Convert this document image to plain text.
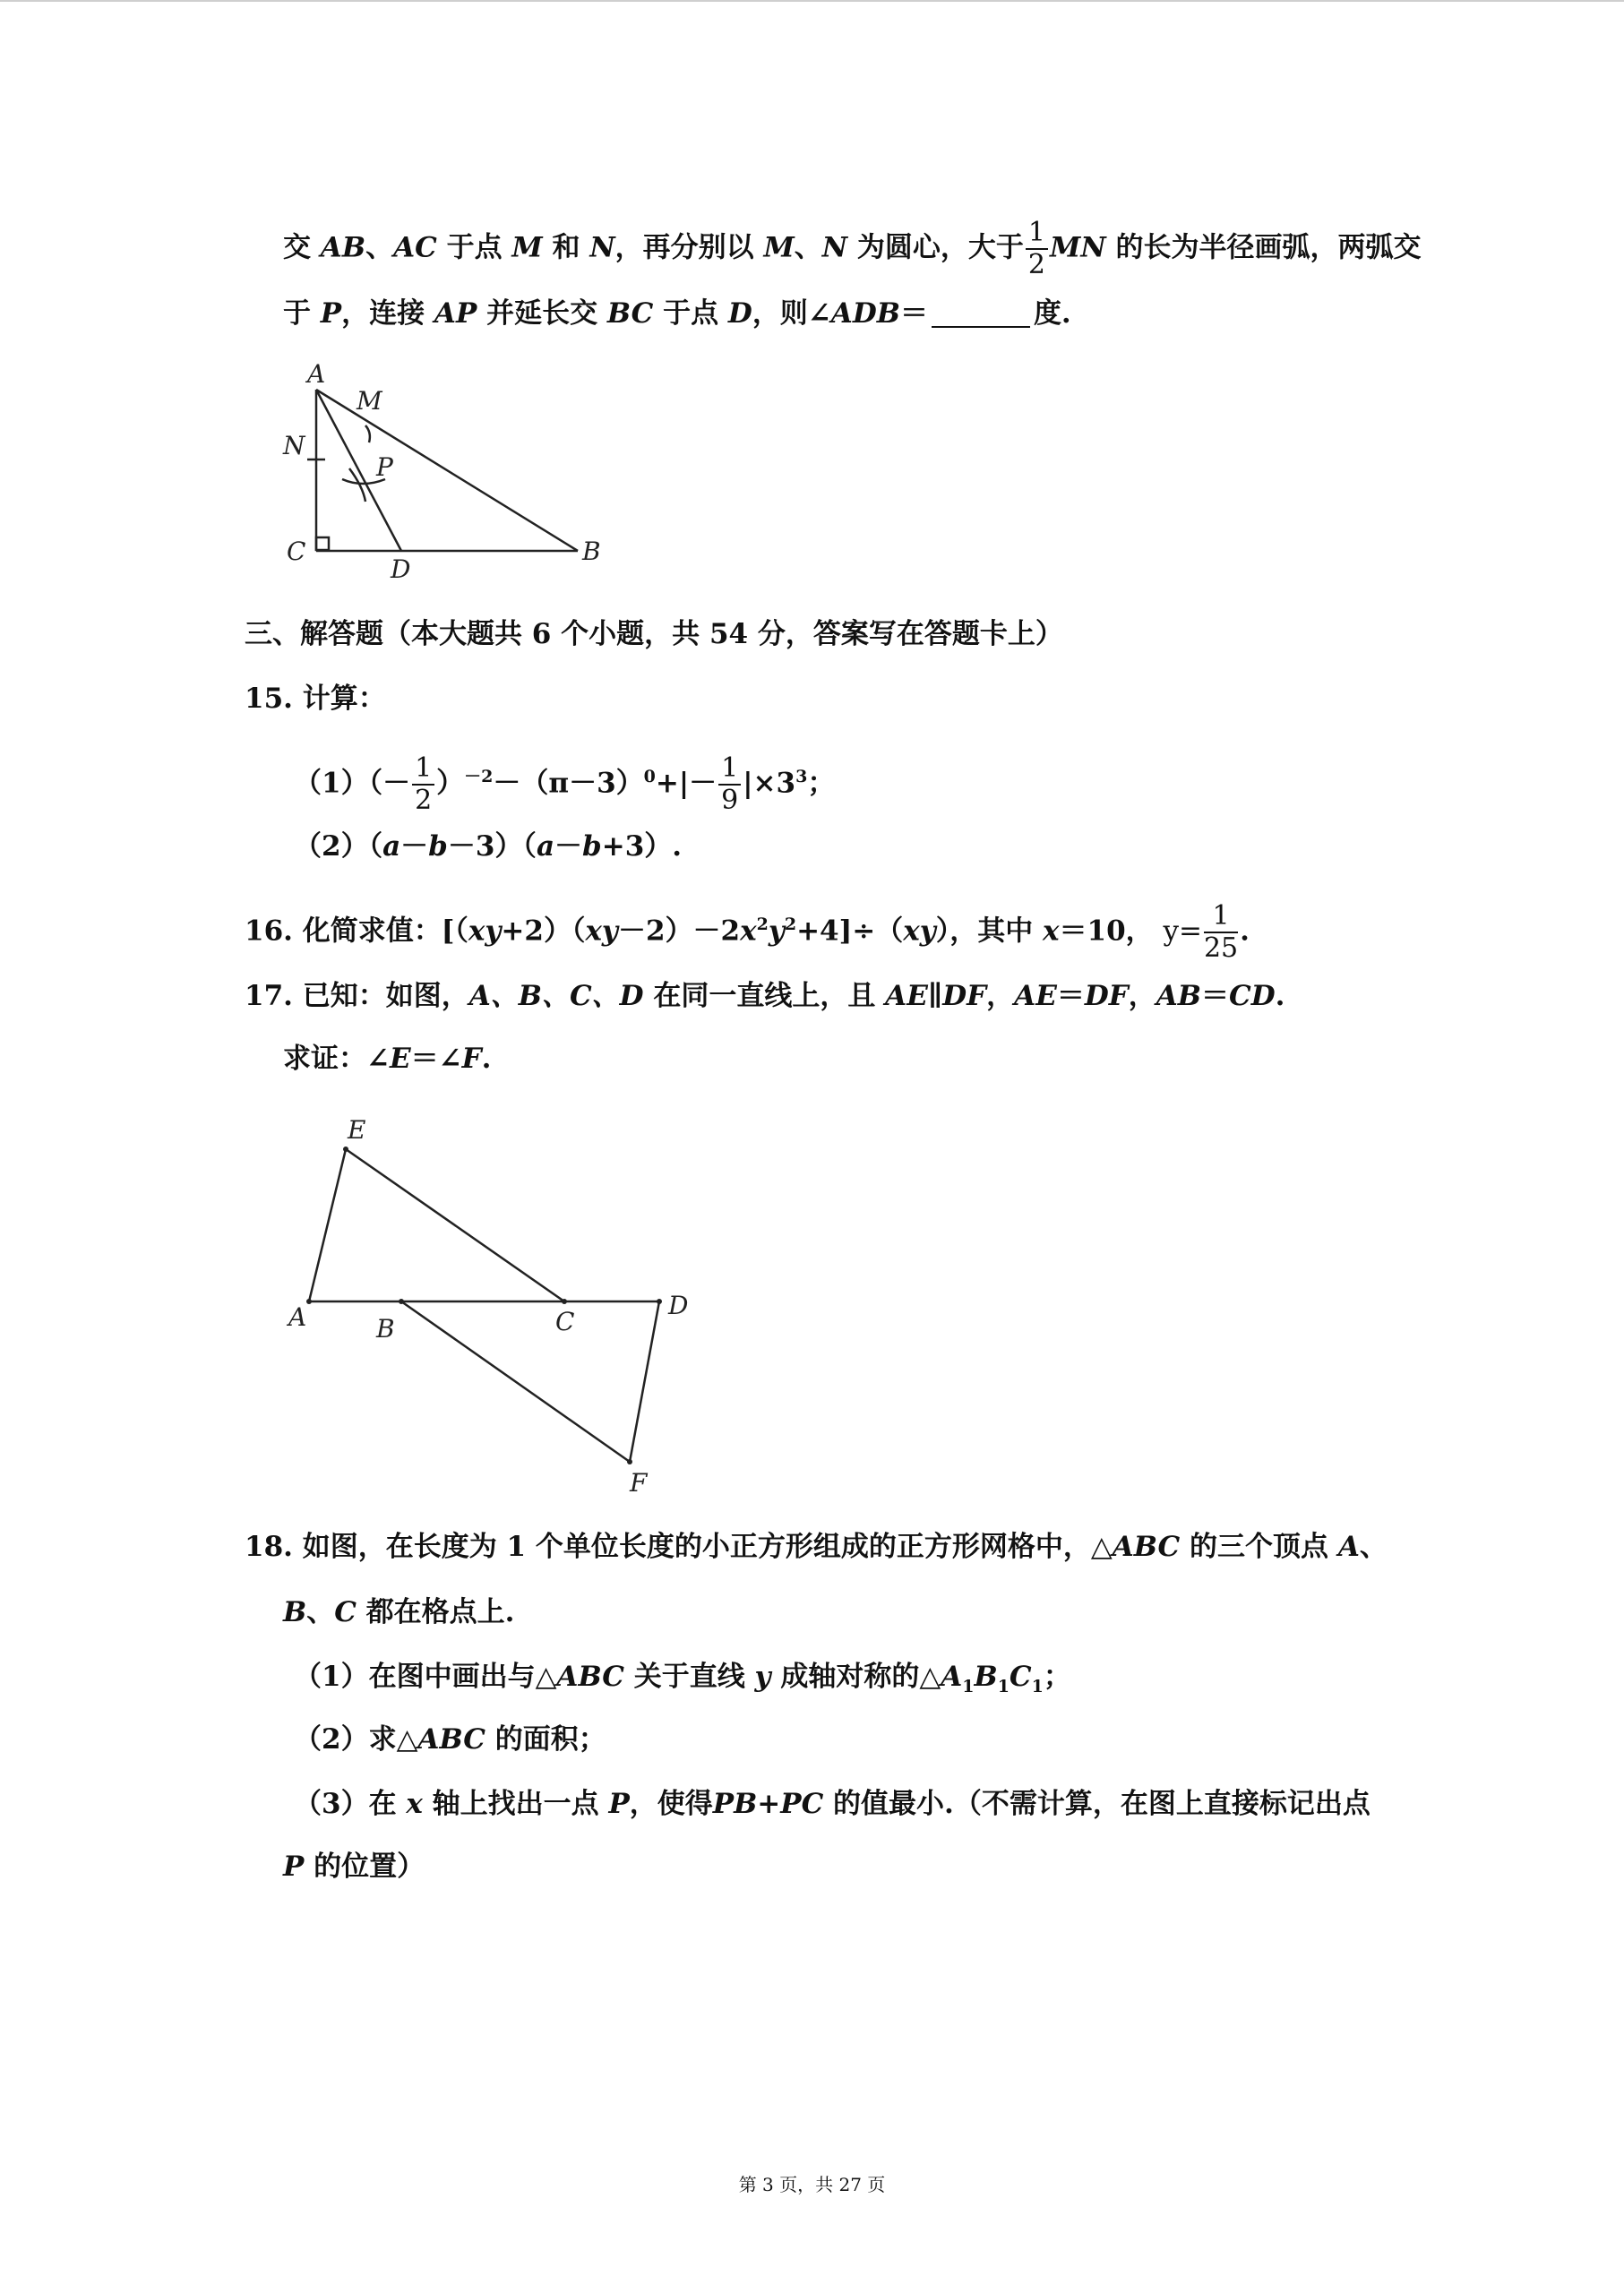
交 AB、AC 于点 M 和 N，再分别以 M、N 为圆心，大于 $\frac{1}{2}$ MN 的长为半径画弧，两弧交
于 P，连接 AP 并延长交 BC 于点 D，则∠ADB＝	度.
A
M
N
P
C
D
B
三、解答题（本大题共 6 个小题，共 54 分，答案写在答题卡上）
15. 计算：
$(1)(- \frac{1}{2} )^{-2}-(\pi-3)^0+|- \frac{1}{9} |\times 3^3$；
（2）（a－b－3）（a－b+3）.
16. 化简求值：$[(xy+2)(xy-2)-2x^2y^2+4]\div(xy)$，其中 x＝10， $y= \frac{1}{25}$ .
17. 已知：如图，A、B、C、D 在同一直线上，且 AE∥DF，AE＝DF，AB＝CD.
求证：∠E＝∠F.
E
A	B	C
D
F
18. 如图，在长度为 1 个单位长度的小正方形组成的正方形网格中，△ABC 的三个顶点 A、
B、C 都在格点上.
（1）在图中画出与△ABC 关于直线 y 成轴对称的$\triangle A_1B_1C_1$；
（2）求△ABC 的面积；
（3）在 x 轴上找出一点 P，使得PB+PC 的值最小.（不需计算，在图上直接标记出点
P 的位置）
第 3 页，共 27 页
